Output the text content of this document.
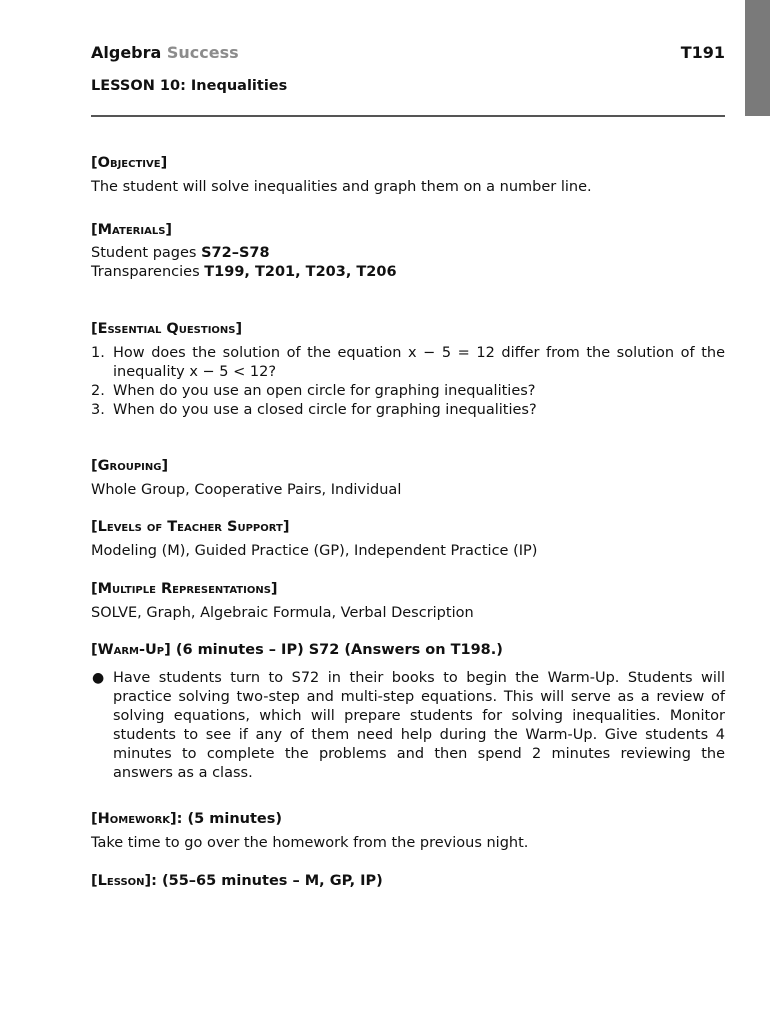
Algebra Success	T191
LESSON 10: Inequalities
[Objective]
The student will solve inequalities and graph them on a number line.
[Materials]
Student pages S72–S78
Transparencies T199, T201, T203, T206
[Essential Questions]
1. How does the solution of the equation x − 5 = 12 differ from the solution of the inequality x − 5 < 12?
2. When do you use an open circle for graphing inequalities?
3. When do you use a closed circle for graphing inequalities?
[Grouping]
Whole Group, Cooperative Pairs, Individual
[Levels of Teacher Support]
Modeling (M), Guided Practice (GP), Independent Practice (IP)
[Multiple Representations]
SOLVE, Graph, Algebraic Formula, Verbal Description
[Warm-Up] (6 minutes – IP) S72 (Answers on T198.)
● Have students turn to S72 in their books to begin the Warm-Up. Students will practice solving two-step and multi-step equations. This will serve as a review of solving equations, which will prepare students for solving inequalities. Monitor students to see if any of them need help during the Warm-Up. Give students 4 minutes to complete the problems and then spend 2 minutes reviewing the answers as a class.
[Homework]: (5 minutes)
Take time to go over the homework from the previous night.
[Lesson]: (55–65 minutes – M, GP, IP)
